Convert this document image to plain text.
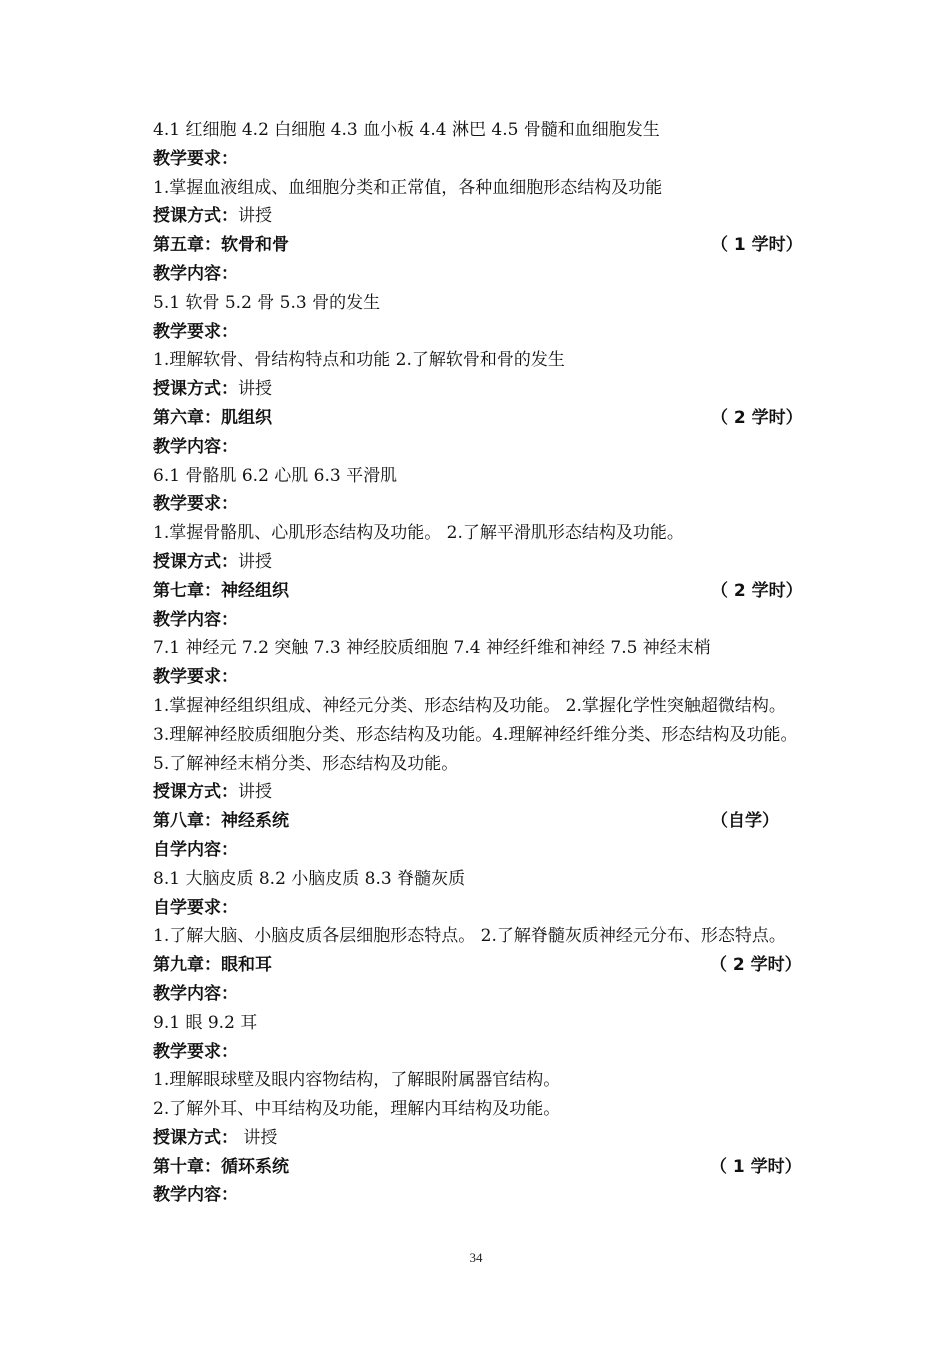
4.1 红细胞 4.2 白细胞 4.3 血小板 4.4 淋巴 4.5 骨髓和血细胞发生
教学要求：
1.掌握血液组成、血细胞分类和正常值，各种血细胞形态结构及功能
授课方式：讲授
第五章：软骨和骨	（ 1 学时）
教学内容：
5.1 软骨 5.2 骨 5.3 骨的发生
教学要求：
1.理解软骨、骨结构特点和功能 2.了解软骨和骨的发生
授课方式：讲授
第六章：肌组织	（ 2 学时）
教学内容：
6.1 骨骼肌 6.2 心肌 6.3 平滑肌
教学要求：
1.掌握骨骼肌、心肌形态结构及功能。 2.了解平滑肌形态结构及功能。
授课方式：讲授
第七章：神经组织	（ 2 学时）
教学内容：
7.1 神经元 7.2 突触 7.3 神经胶质细胞 7.4 神经纤维和神经 7.5 神经末梢
教学要求：
1.掌握神经组织组成、神经元分类、形态结构及功能。 2.掌握化学性突触超微结构。
3.理解神经胶质细胞分类、形态结构及功能。4.理解神经纤维分类、形态结构及功能。
5.了解神经末梢分类、形态结构及功能。
授课方式：讲授
第八章：神经系统	（自学）
自学内容：
8.1 大脑皮质 8.2 小脑皮质 8.3 脊髓灰质
自学要求：
1.了解大脑、小脑皮质各层细胞形态特点。 2.了解脊髓灰质神经元分布、形态特点。
第九章：眼和耳	（ 2 学时）
教学内容：
9.1 眼 9.2 耳
教学要求：
1.理解眼球壁及眼内容物结构，了解眼附属器官结构。
2.了解外耳、中耳结构及功能，理解内耳结构及功能。
授课方式： 讲授
第十章：循环系统	（ 1 学时）
教学内容：
34
